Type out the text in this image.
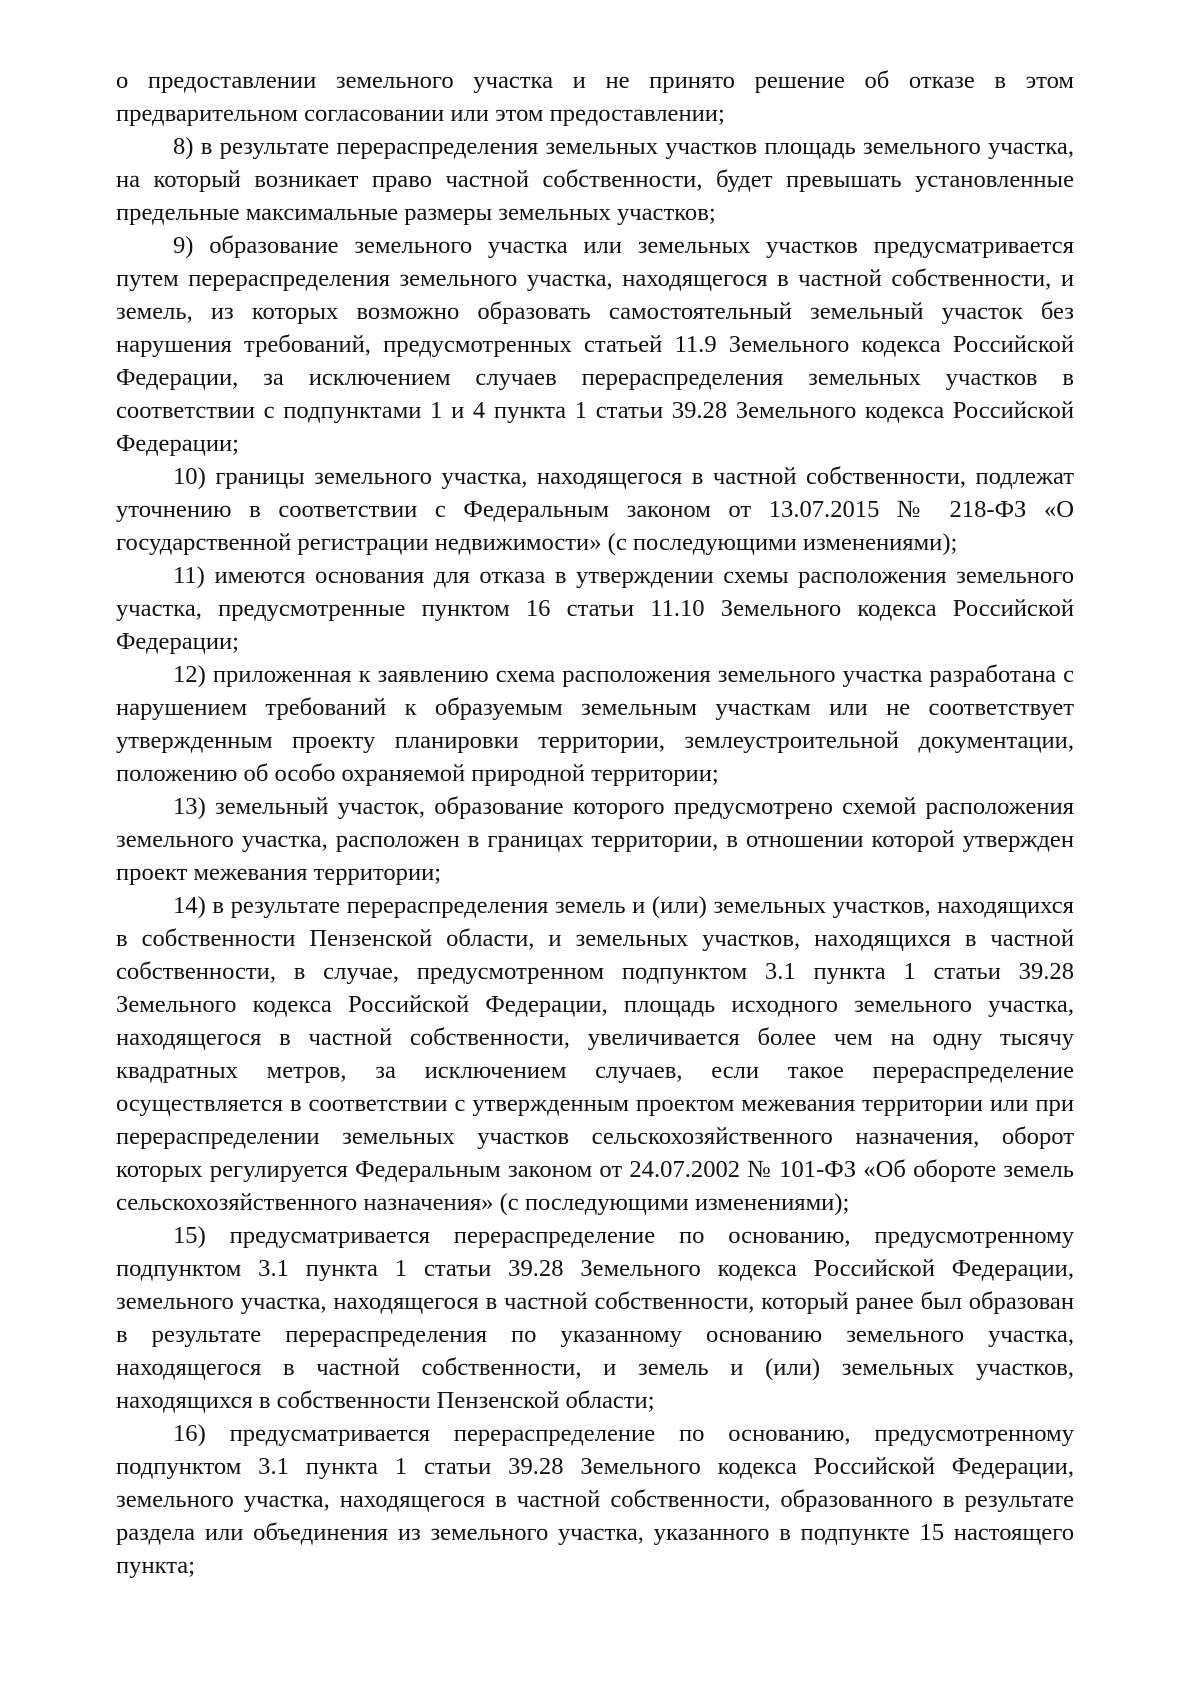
о предоставлении земельного участка и не принято решение об отказе в этом предварительном согласовании или этом предоставлении;

8) в результате перераспределения земельных участков площадь земельного участка, на который возникает право частной собственности, будет превышать установленные предельные максимальные размеры земельных участков;

9) образование земельного участка или земельных участков предусматривается путем перераспределения земельного участка, находящегося в частной собственности, и земель, из которых возможно образовать самостоятельный земельный участок без нарушения требований, предусмотренных статьей 11.9 Земельного кодекса Российской Федерации, за исключением случаев перераспределения земельных участков в соответствии с подпунктами 1 и 4 пункта 1 статьи 39.28 Земельного кодекса Российской Федерации;

10) границы земельного участка, находящегося в частной собственности, подлежат уточнению в соответствии с Федеральным законом от 13.07.2015 № 218-ФЗ «О государственной регистрации недвижимости» (с последующими изменениями);

11) имеются основания для отказа в утверждении схемы расположения земельного участка, предусмотренные пунктом 16 статьи 11.10 Земельного кодекса Российской Федерации;

12) приложенная к заявлению схема расположения земельного участка разработана с нарушением требований к образуемым земельным участкам или не соответствует утвержденным проекту планировки территории, землеустроительной документации, положению об особо охраняемой природной территории;

13) земельный участок, образование которого предусмотрено схемой расположения земельного участка, расположен в границах территории, в отношении которой утвержден проект межевания территории;

14) в результате перераспределения земель и (или) земельных участков, находящихся в собственности Пензенской области, и земельных участков, находящихся в частной собственности, в случае, предусмотренном подпунктом 3.1 пункта 1 статьи 39.28 Земельного кодекса Российской Федерации, площадь исходного земельного участка, находящегося в частной собственности, увеличивается более чем на одну тысячу квадратных метров, за исключением случаев, если такое перераспределение осуществляется в соответствии с утвержденным проектом межевания территории или при перераспределении земельных участков сельскохозяйственного назначения, оборот которых регулируется Федеральным законом от 24.07.2002 № 101-ФЗ «Об обороте земель сельскохозяйственного назначения» (с последующими изменениями);

15) предусматривается перераспределение по основанию, предусмотренному подпунктом 3.1 пункта 1 статьи 39.28 Земельного кодекса Российской Федерации, земельного участка, находящегося в частной собственности, который ранее был образован в результате перераспределения по указанному основанию земельного участка, находящегося в частной собственности, и земель и (или) земельных участков, находящихся в собственности Пензенской области;

16) предусматривается перераспределение по основанию, предусмотренному подпунктом 3.1 пункта 1 статьи 39.28 Земельного кодекса Российской Федерации, земельного участка, находящегося в частной собственности, образованного в результате раздела или объединения из земельного участка, указанного в подпункте 15 настоящего пункта;
